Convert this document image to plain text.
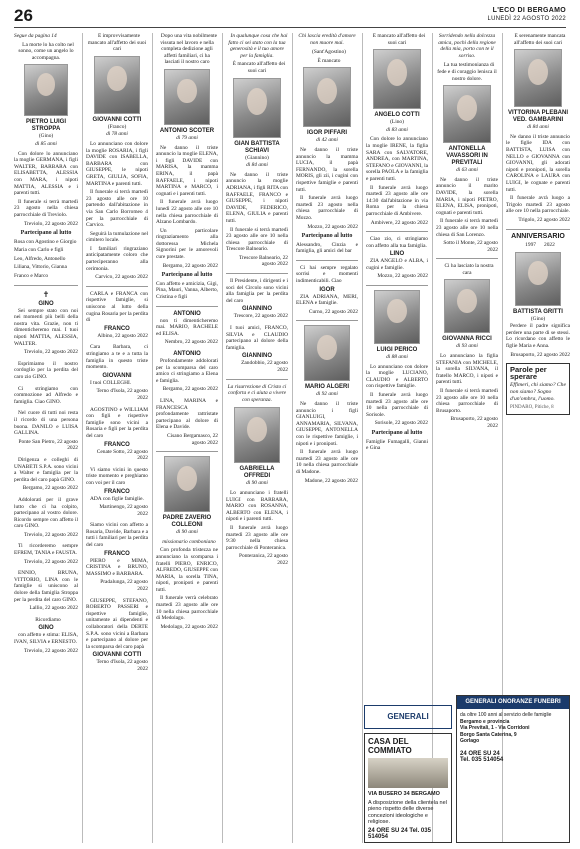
26	L'ECO DI BERGAMO
LUNEDÌ 22 AGOSTO 2022

Segue da pagina 14

La morte lo ha colto nel sonno, come un angelo lo accompagna.

PIETRO LUIGI STROPPA
(Gino)
di 85 anni

Con dolore lo annunciano la moglie GERMANA, i figli WALTER, BARBARA con ELISABETTA, ALESSIA con MARA, i nipoti MATTIA, ALESSIA e i parenti tutti.

Il funerale si terrà martedì 23 agosto nella chiesa parrocchiale di Treviolo.

Treviolo, 22 agosto 2022

Partecipano al lutto

Rosa con Agostino e Giorgio

Maria con Carlo e figli

Leo, Alfredo, Antonello

Liliana, Vittorio, Gianna

Franco e Marco

✝
GINO

Sei sempre stato con noi nei momenti più belli della nostra vita. Grazie, non ti dimenticheremo mai. I tuoi nipoti MATTIA, ALESSIA, WALTER.

Treviolo, 22 agosto 2022

Esprimiamo il nostro cordoglio per la perdita del caro zio GINO.

Ci stringiamo con commozione ad Alfredo e famiglia. Ciao GINO.

Nel cuore di tutti noi resta il ricordo di una persona buona. DANILO e LUISA GALLINA.

Ponte San Pietro, 22 agosto 2022

Dirigenza e colleghi di UNABETI S.P.A. sono vicini a Walter e famiglia per la perdita del caro papà GINO.

Bergamo, 22 agosto 2022

Addolorati per il grave lutto che ci ha colpito, partecipano al vostro dolore. Ricordo sempre con affetto il caro GINO.

Treviolo, 22 agosto 2022

Ti ricorderemo sempre EFREM, TANIA e FAUSTA.

Treviolo, 22 agosto 2022

ENNIO, BRUNA, VITTORIO, LINA con le famiglie si uniscono al dolore della famiglia Stroppa per la perdita del caro GINO.

Lallio, 22 agosto 2022

Ricordiamo

GINO

con affetto e stima: ELISA, IVAN, SILVIA e ERNESTO.

Treviolo, 22 agosto 2022

È improvvisamente mancato all'affetto dei suoi cari

GIOVANNI COTTI
(Franco)
di 78 anni

Lo annunciano con dolore la moglie ROSARIA, i figli DAVIDE con ISABELLA, BARBARA con GIUSEPPE, le nipoti GRETA, GIULIA, SOFIA, MARTINA e parenti tutti.

Il funerale si terrà martedì 23 agosto alle ore 10 partendo dall'abitazione in via San Carlo Borromeo 4 per la parrocchiale di Carvico.

Seguirà la tumulazione nel cimitero locale.

I familiari ringraziano anticipatamente coloro che parteciperanno alla cerimonia.

Carvico, 22 agosto 2022

CARLA e FRANCA con rispettive famiglie, si uniscono al lutto della cugina Rosaria per la perdita di

FRANCO

Albino, 22 agosto 2022

Cara Barbara, ci stringiamo a te e a tutta la famiglia in questo triste momento.

GIOVANNI

I tuoi COLLEGHI.

Terno d'Isola, 22 agosto 2022

AGOSTINO e WILLIAM con figli e rispettive famiglie sono vicini a Rosaria e figli per la perdita del caro

FRANCO

Cenate Sotto, 22 agosto 2022

Vi siamo vicini in questo triste momento e preghiamo con voi per il caro

FRANCO

ADA con figlie famiglie.

Martinengo, 22 agosto 2022

Siamo vicini con affetto a Rosaria, Davide, Barbara e a tutti i familiari per la perdita del caro

FRANCO

PIERO e MIMA, CRISTINA e BRUNO, MASSIMO e BARBARA.

Pradalunga, 22 agosto 2022

GIUSEPPE, STEFANO, ROBERTO PASSERI e rispettive famiglie, unitamente ai dipendenti e collaboratori della DERTE S.P.A. sono vicini a Barbara e partecipano al dolore per la scomparsa del caro papà

GIOVANNI COTTI

Terno d'Isola, 22 agosto 2022

Dopo una vita nobilmente vissuta nel lavoro e nella completa dedizione agli affetti familiari, ci ha lasciati il nostro caro

ANTONIO SCOTER
di 79 anni

Ne danno il triste annuncio la moglie ELENA, i figli DAVIDE con MARISA, la mamma ERINA, il papà RAFFAELE, i nipoti MARTINA e MARCO, i cognati e i parenti tutti.

Il funerale avrà luogo lunedì 22 agosto alle ore 10 nella chiesa parrocchiale di Alzano Lombardo.

Un particolare ringraziamento alla dottoressa Michela Signorini per le amorevoli cure prestate.

Bergamo, 22 agosto 2022

Partecipano al lutto

Con affetto e amicizia, Gigi, Pina, Mauri, Vanna, Alberto, Cristina e figli

ANTONIO

non ti dimenticheremo mai. MARIO, RACHELE ed ELISA.

Nembro, 22 agosto 2022

ANTONIO

Profondamente addolorati per la scomparsa del caro amico ci stringiamo a Elena e famiglia.

Bergamo, 22 agosto 2022

LINA, MARINA e FRANCESCA profondamente rattristate partecipano al dolore di Elena e Davide.

Cisano Bergamasco, 22 agosto 2022

PADRE ZAVERIO COLLEONI
di 90 anni

missionario comboniano

Con profonda tristezza ne annunciano la scomparsa i fratelli PIERO, ENRICO, ALFREDO, GIUSEPPE con MARIA, la sorella TINA, nipoti, pronipoti e parenti tutti.

Il funerale verrà celebrato martedì 23 agosto alle ore 10 nella chiesa parrocchiale di Medolago.

Medolago, 22 agosto 2022

In qualunque cosa che hai fatto ci sei stato con la tua generosità e il tuo amore per la famiglia.

È mancato all'affetto dei suoi cari

GIAN BATTISTA SCHIAVI
(Giannino)
di 84 anni

Ne danno il triste annuncio la moglie ADRIANA, i figli RITA con RAFFAELE, FRANCO e GIUSEPPE, i nipoti DAVIDE, FEDERICO, ELENA, GIULIA e parenti tutti.

Il funerale si terrà martedì 23 agosto alle ore 10 nella chiesa parrocchiale di Trescore Balneario.

Trescore Balneario, 22 agosto 2022

Il Presidente, i dirigenti e i soci del Circolo sono vicini alla famiglia per la perdita del caro

GIANNINO

Trescore, 22 agosto 2022

I tuoi amici, FRANCO, SILVIA e CLAUDIO partecipano al dolore della famiglia.

GIANNINO

Zandobbio, 22 agosto 2022

La risurrezione di Cristo ci conforta e ci aiuta a vivere con speranza.
GABRIELLA OFFREDI
di 90 anni

Lo annunciano i fratelli LUIGI con BARBARA, MARIO con ROSANNA, ALBERTO con ELENA, i nipoti e i parenti tutti.

Il funerale avrà luogo martedì 23 agosto alle ore 9:30 nella chiesa parrocchiale di Ponteranica.

Ponteranica, 22 agosto 2022

Chi lascia eredità d'amore non muore mai.

(Sant'Agostino)

È mancato

IGOR PIFFARI
di 42 anni

Ne danno il triste annuncio la mamma LUCIA, il papà FERNANDO, la sorella MORIS, gli zii, i cugini con rispettive famiglie e parenti tutti.

Il funerale avrà luogo martedì 23 agosto nella chiesa parrocchiale di Mozzo.

Mozzo, 22 agosto 2022

Partecipano al lutto

Alessandro, Cinzia e famiglia, gli amici del bar

Ci hai sempre regalato sorrisi e momenti indimenticabili. Ciao

IGOR

ZIA ADRIANA, MERI, ELENA e famiglie.

Curno, 22 agosto 2022

MARIO ALGERI
di 92 anni

Ne danno il triste annuncio i figli GIANLUIGI, ANNAMARIA, SILVANA, GIUSEPPE, ANTONELLA con le rispettive famiglie, i nipoti e i pronipoti.

Il funerale avrà luogo martedì 23 agosto alle ore 10 nella chiesa parrocchiale di Madone.

Madone, 22 agosto 2022

È mancato all'affetto dei suoi cari

ANGELO COTTI
(Lino)
di 83 anni

Con dolore lo annunciano la moglie IRENE, la figlia SARA con SALVATORE, ANDREA, con MARTINA, STEFANO e GIOVANNI, la sorella PAOLA e la famiglia e parenti tutti.

Il funerale avrà luogo martedì 23 agosto alle ore 14:30 dall'abitazione in via Roma per la chiesa parrocchiale di Ambivere.

Ambivere, 22 agosto 2022

Ciao zio, ci stringiamo con affetto alla tua famiglia.

LINO

ZIA ANGELO e ALBA, i cugini e famiglie.

Mozzo, 22 agosto 2022

LUIGI PERICO
di 88 anni

Lo annunciano con dolore la moglie LUCIANO, CLAUDIO e ALBERTO con rispettive famiglie.

Il funerale avrà luogo martedì 23 agosto alle ore 10 nella parrocchiale di Sorisole.

Sorisole, 22 agosto 2022

Partecipano al lutto

Famiglie Fumagalli, Gianni e Gina

Sorridendo nella dolcezza amica, pochi della regione della mia, porto con te il sorriso.

La tua testimonianza di fede e di coraggio lenisca il nostro dolore.

ANTONELLA VAVASSORI IN PREVITALI
di 63 anni

Ne danno il triste annuncio il marito DAVIDE, la sorella MARIA, i nipoti PIETRO, ELENA, ELISA, pronipoti, cognati e parenti tutti.

Il funerale si terrà martedì 23 agosto alle ore 10 nella chiesa di San Lorenzo.

Sotto il Monte, 22 agosto 2022

Ci ha lasciato la nostra cara

GIOVANNA RICCI
di 93 anni

Lo annunciano la figlia STEFANIA con MICHELE, la sorella SILVANA, il fratello MARCO, i nipoti e parenti tutti.

Il funerale si terrà martedì 23 agosto alle ore 10 nella chiesa parrocchiale di Brusaporto.

Brusaporto, 22 agosto 2022

È serenamente mancata all'affetto dei suoi cari

VITTORINA PLEBANI VED. GAMBARINI
di 84 anni

Ne danno il triste annuncio le figlie IDA con BATTISTA, LUISA con NELLO e GIOVANNA con GIOVANNI, gli adorati nipoti e pronipoti, la sorella CAROLINA e LAURA con LUIGI, le cognate e parenti tutti.

Il funerale avrà luogo a Trigolo martedì 23 agosto alle ore 10 nella parrocchiale.

Trigolo, 22 agosto 2022

ANNIVERSARIO

1997      2022

BATTISTA GRITTI
(Gino)

Perdere il padre significa perdere una parte di se stessi. Lo ricordano con affetto le figlie Maria e Anna.

Brusaporto, 22 agosto 2022

Parole per sperare
Effimeri, chi siamo? Che non siamo? Sogno d'un'ombra, l'uomo.
PINDARO, Pitiche, 8
GENERALI
CASA DEL COMMIATO
VIA BUSERO 34 BERGAMO
A disposizione della clientela nel pieno rispetto delle diverse concezioni ideologiche e religiose.
24 ORE SU 24 Tel. 035 514054
GENERALI ONORANZE FUNEBRI
da oltre 100 anni al servizio delle famiglie
Bergamo e provincia
Via Previtali, 1 - Via Corridoni
Borgo Santa Caterina, 9
Gorlago
24 ORE SU 24
Tel. 035 514054
